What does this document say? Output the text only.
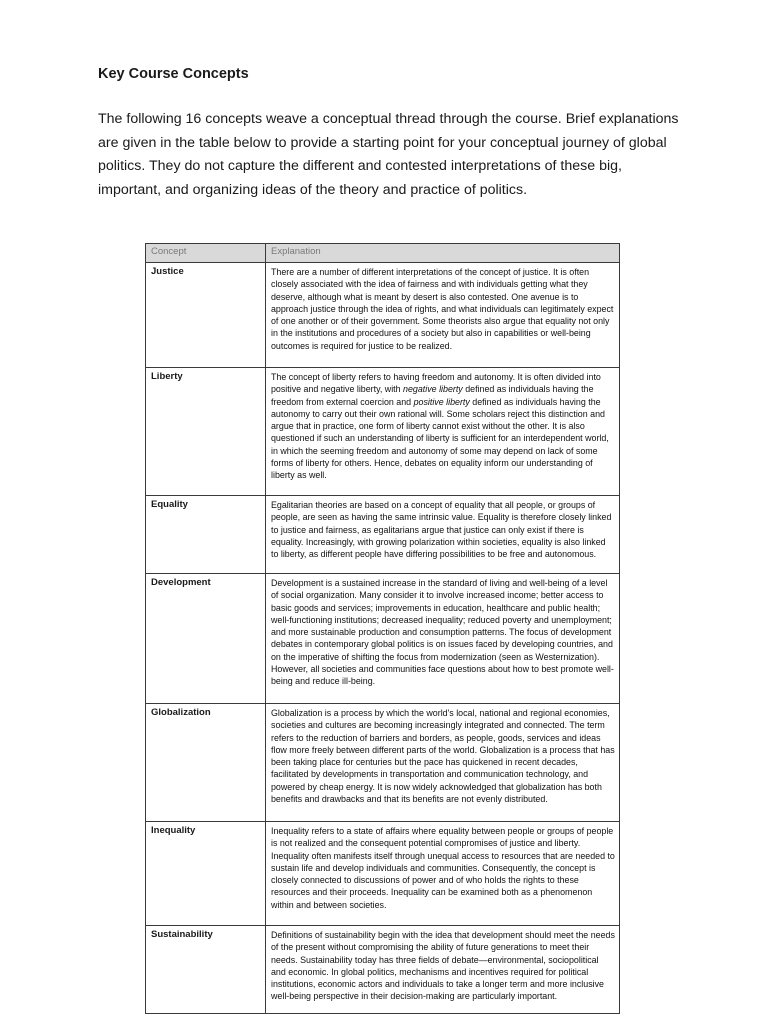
Key Course Concepts

The following 16 concepts weave a conceptual thread through the course. Brief explanations are given in the table below to provide a starting point for your conceptual journey of global politics. They do not capture the different and contested interpretations of these big, important, and organizing ideas of the theory and practice of politics.

Concept	Explanation
Justice	There are a number of different interpretations of the concept of justice. It is often closely associated with the idea of fairness and with individuals getting what they deserve, although what is meant by desert is also contested. One avenue is to approach justice through the idea of rights, and what individuals can legitimately expect of one another or of their government. Some theorists also argue that equality not only in the institutions and procedures of a society but also in capabilities or well-being outcomes is required for justice to be realized.
Liberty	The concept of liberty refers to having freedom and autonomy. It is often divided into positive and negative liberty, with negative liberty defined as individuals having the freedom from external coercion and positive liberty defined as individuals having the autonomy to carry out their own rational will. Some scholars reject this distinction and argue that in practice, one form of liberty cannot exist without the other. It is also questioned if such an understanding of liberty is sufficient for an interdependent world, in which the seeming freedom and autonomy of some may depend on lack of some forms of liberty for others. Hence, debates on equality inform our understanding of liberty as well.
Equality	Egalitarian theories are based on a concept of equality that all people, or groups of people, are seen as having the same intrinsic value. Equality is therefore closely linked to justice and fairness, as egalitarians argue that justice can only exist if there is equality. Increasingly, with growing polarization within societies, equality is also linked to liberty, as different people have differing possibilities to be free and autonomous.
Development	Development is a sustained increase in the standard of living and well-being of a level of social organization. Many consider it to involve increased income; better access to basic goods and services; improvements in education, healthcare and public health; well-functioning institutions; decreased inequality; reduced poverty and unemployment; and more sustainable production and consumption patterns. The focus of development debates in contemporary global politics is on issues faced by developing countries, and on the imperative of shifting the focus from modernization (seen as Westernization). However, all societies and communities face questions about how to best promote well-being and reduce ill-being.
Globalization	Globalization is a process by which the world's local, national and regional economies, societies and cultures are becoming increasingly integrated and connected. The term refers to the reduction of barriers and borders, as people, goods, services and ideas flow more freely between different parts of the world. Globalization is a process that has been taking place for centuries but the pace has quickened in recent decades, facilitated by developments in transportation and communication technology, and powered by cheap energy. It is now widely acknowledged that globalization has both benefits and drawbacks and that its benefits are not evenly distributed.
Inequality	Inequality refers to a state of affairs where equality between people or groups of people is not realized and the consequent potential compromises of justice and liberty. Inequality often manifests itself through unequal access to resources that are needed to sustain life and develop individuals and communities. Consequently, the concept is closely connected to discussions of power and of who holds the rights to these resources and their proceeds. Inequality can be examined both as a phenomenon within and between societies.
Sustainability	Definitions of sustainability begin with the idea that development should meet the needs of the present without compromising the ability of future generations to meet their needs. Sustainability today has three fields of debate—environmental, sociopolitical and economic. In global politics, mechanisms and incentives required for political institutions, economic actors and individuals to take a longer term and more inclusive well-being perspective in their decision-making are particularly important.
